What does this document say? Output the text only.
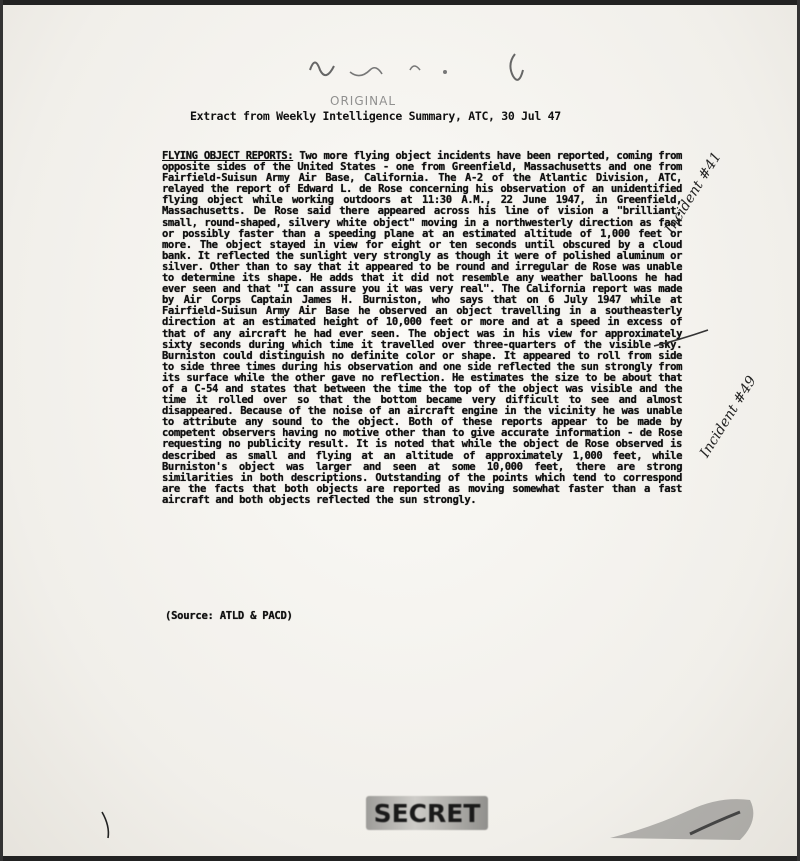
ORIGINAL
Extract from Weekly Intelligence Summary, ATC, 30 Jul 47
FLYING OBJECT REPORTS: Two more flying object incidents have been reported, coming from opposite sides of the United States - one from Greenfield, Massachusetts and one from Fairfield-Suisun Army Air Base, California. The A-2 of the Atlantic Division, ATC, relayed the report of Edward L. de Rose concerning his observation of an unidentified flying object while working outdoors at 11:30 A.M., 22 June 1947, in Greenfield, Massachusetts. De Rose said there appeared across his line of vision a "brilliant, small, round-shaped, silvery white object" moving in a northwesterly direction as fast or possibly faster than a speeding plane at an estimated altitude of 1,000 feet or more. The object stayed in view for eight or ten seconds until obscured by a cloud bank. It reflected the sunlight very strongly as though it were of polished aluminum or silver. Other than to say that it appeared to be round and irregular de Rose was unable to determine its shape. He adds that it did not resemble any weather balloons he had ever seen and that "I can assure you it was very real". The California report was made by Air Corps Captain James H. Burniston, who says that on 6 July 1947 while at Fairfield-Suisun Army Air Base he observed an object travelling in a southeasterly direction at an estimated height of 10,000 feet or more and at a speed in excess of that of any aircraft he had ever seen. The object was in his view for approximately sixty seconds during which time it travelled over three-quarters of the visible sky. Burniston could distinguish no definite color or shape. It appeared to roll from side to side three times during his observation and one side reflected the sun strongly from its surface while the other gave no reflection. He estimates the size to be about that of a C-54 and states that between the time the top of the object was visible and the time it rolled over so that the bottom became very difficult to see and almost disappeared. Because of the noise of an aircraft engine in the vicinity he was unable to attribute any sound to the object. Both of these reports appear to be made by competent observers having no motive other than to give accurate information - de Rose requesting no publicity result. It is noted that while the object de Rose observed is described as small and flying at an altitude of approximately 1,000 feet, while Burniston's object was larger and seen at some 10,000 feet, there are strong similarities in both descriptions. Outstanding of the points which tend to correspond are the facts that both objects are reported as moving somewhat faster than a fast aircraft and both objects reflected the sun strongly.
(Source: ATLD & PACD)
Incident #41
Incident #49
SECRET
